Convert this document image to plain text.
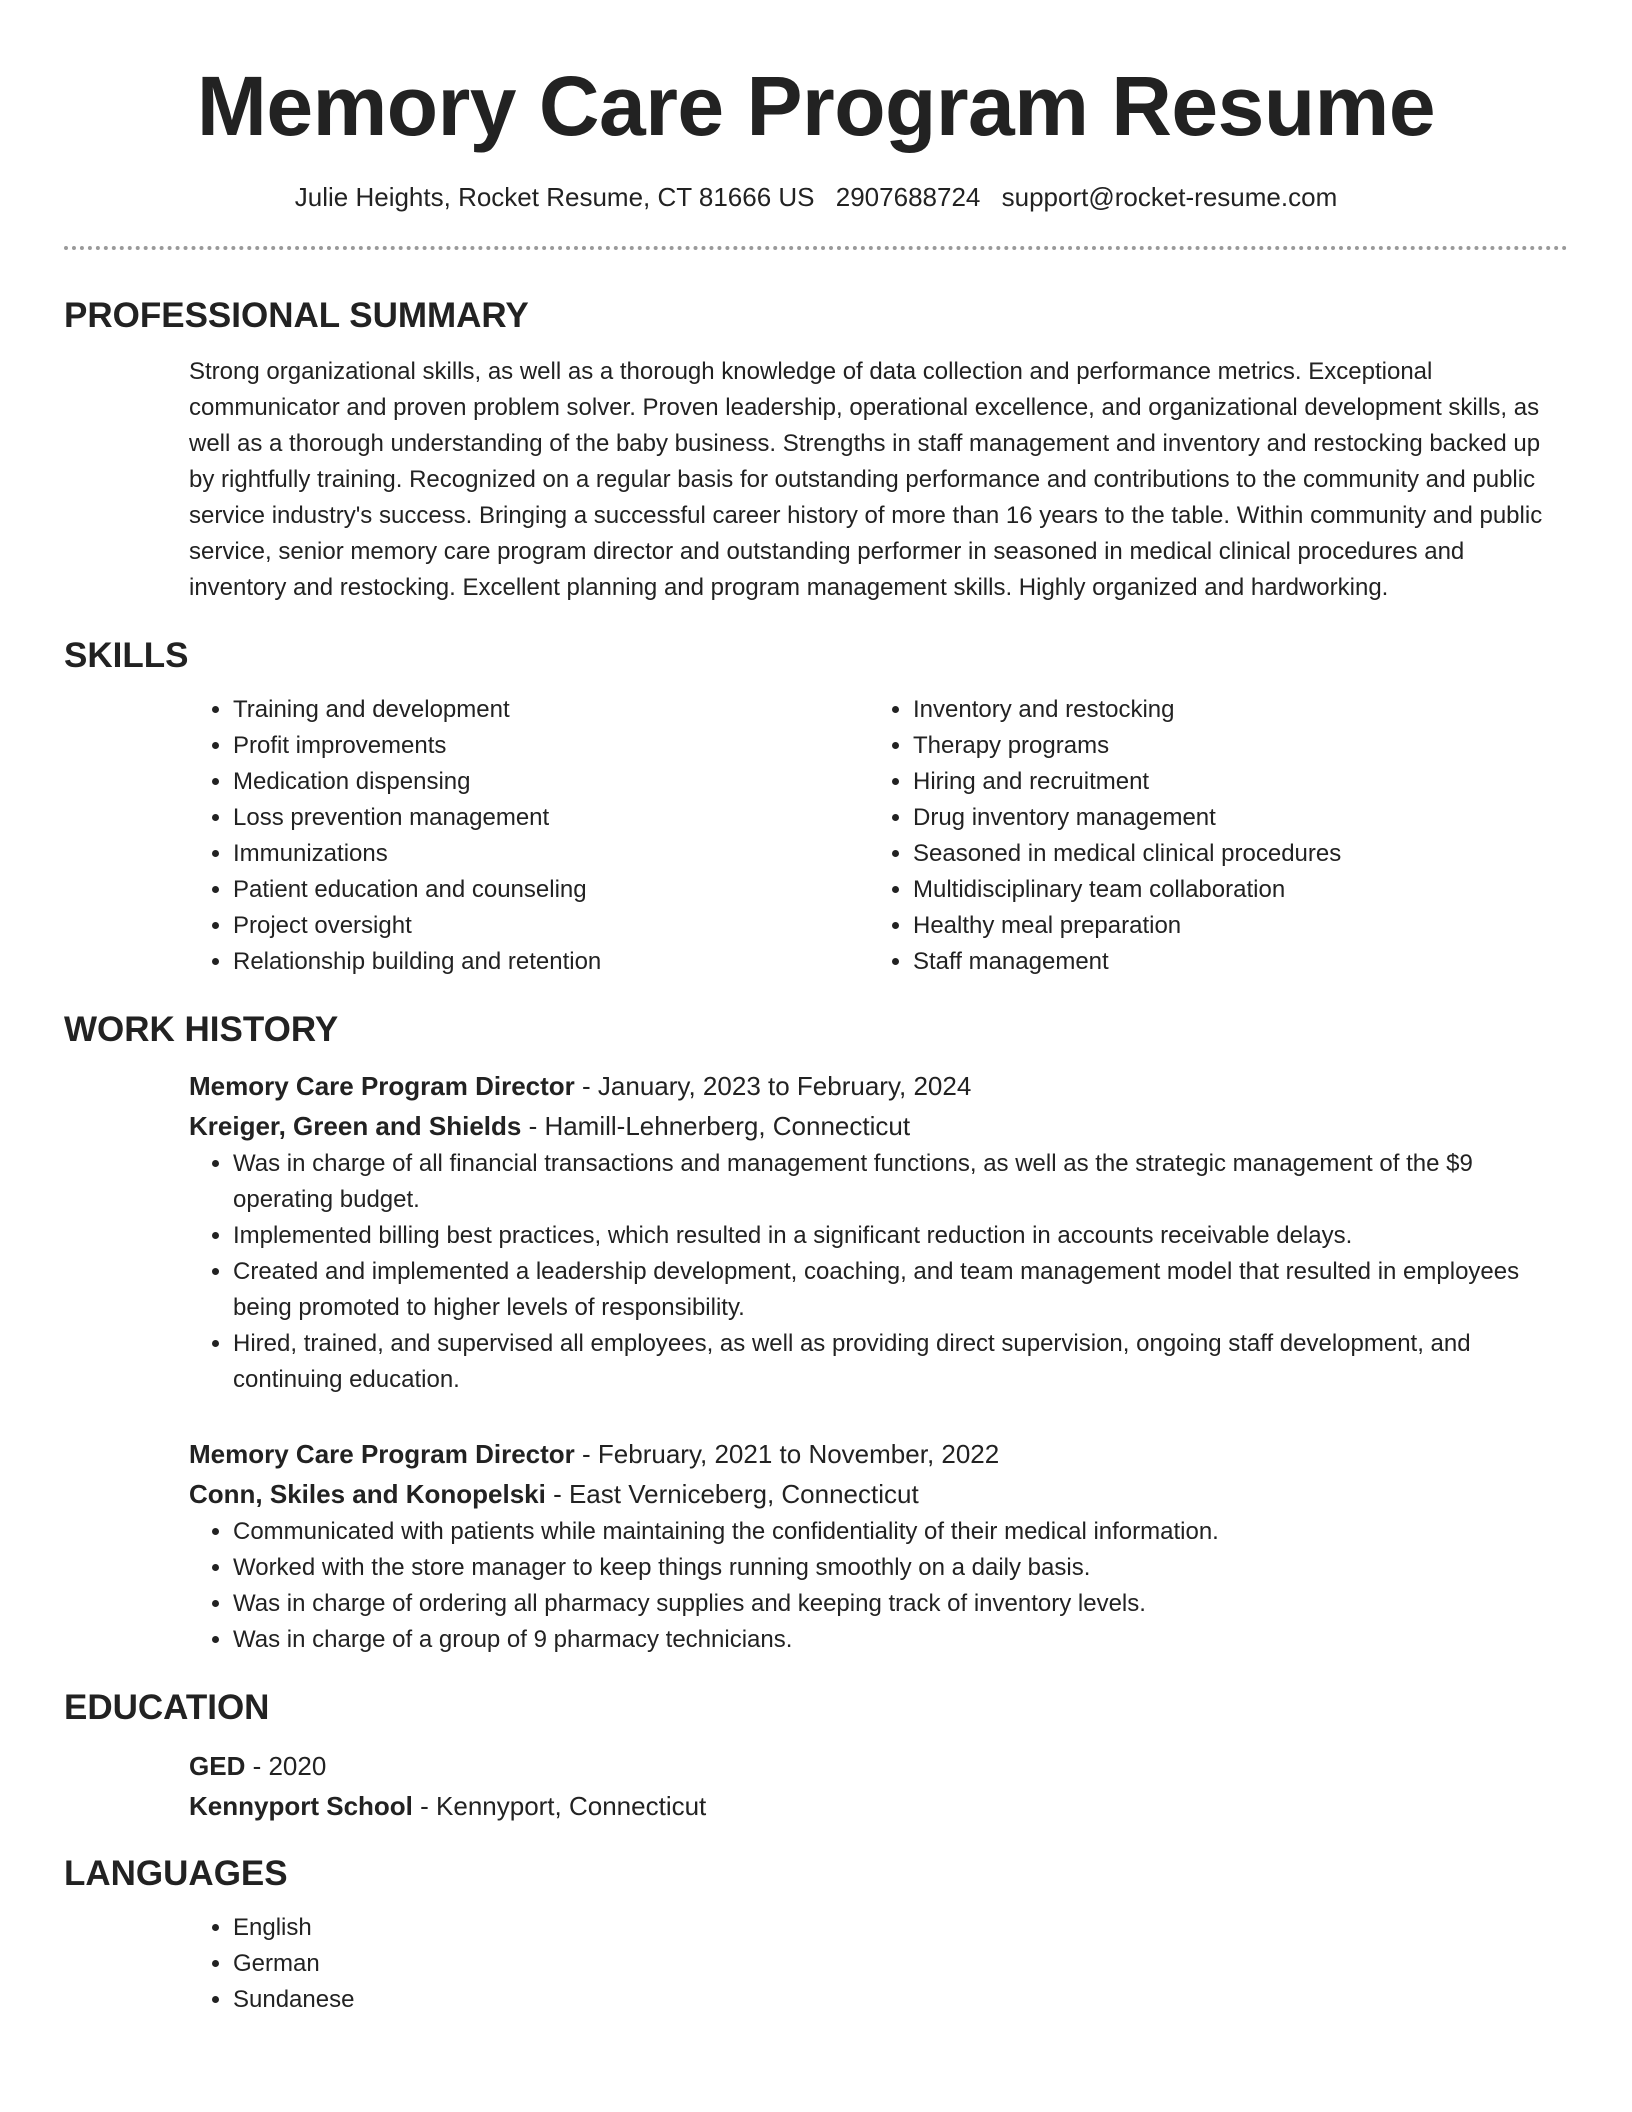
Memory Care Program Resume
Julie Heights, Rocket Resume, CT 81666 US 2907688724 support@rocket-resume.com
PROFESSIONAL SUMMARY
Strong organizational skills, as well as a thorough knowledge of data collection and performance metrics. Exceptional communicator and proven problem solver. Proven leadership, operational excellence, and organizational development skills, as well as a thorough understanding of the baby business. Strengths in staff management and inventory and restocking backed up by rightfully training. Recognized on a regular basis for outstanding performance and contributions to the community and public service industry's success. Bringing a successful career history of more than 16 years to the table. Within community and public service, senior memory care program director and outstanding performer in seasoned in medical clinical procedures and inventory and restocking. Excellent planning and program management skills. Highly organized and hardworking.
SKILLS
• Training and development
• Profit improvements
• Medication dispensing
• Loss prevention management
• Immunizations
• Patient education and counseling
• Project oversight
• Relationship building and retention
• Inventory and restocking
• Therapy programs
• Hiring and recruitment
• Drug inventory management
• Seasoned in medical clinical procedures
• Multidisciplinary team collaboration
• Healthy meal preparation
• Staff management
WORK HISTORY
Memory Care Program Director - January, 2023 to February, 2024
Kreiger, Green and Shields - Hamill-Lehnerberg, Connecticut
• Was in charge of all financial transactions and management functions, as well as the strategic management of the $9 operating budget.
• Implemented billing best practices, which resulted in a significant reduction in accounts receivable delays.
• Created and implemented a leadership development, coaching, and team management model that resulted in employees being promoted to higher levels of responsibility.
• Hired, trained, and supervised all employees, as well as providing direct supervision, ongoing staff development, and continuing education.
Memory Care Program Director - February, 2021 to November, 2022
Conn, Skiles and Konopelski - East Verniceberg, Connecticut
• Communicated with patients while maintaining the confidentiality of their medical information.
• Worked with the store manager to keep things running smoothly on a daily basis.
• Was in charge of ordering all pharmacy supplies and keeping track of inventory levels.
• Was in charge of a group of 9 pharmacy technicians.
EDUCATION
GED - 2020
Kennyport School - Kennyport, Connecticut
LANGUAGES
• English
• German
• Sundanese
